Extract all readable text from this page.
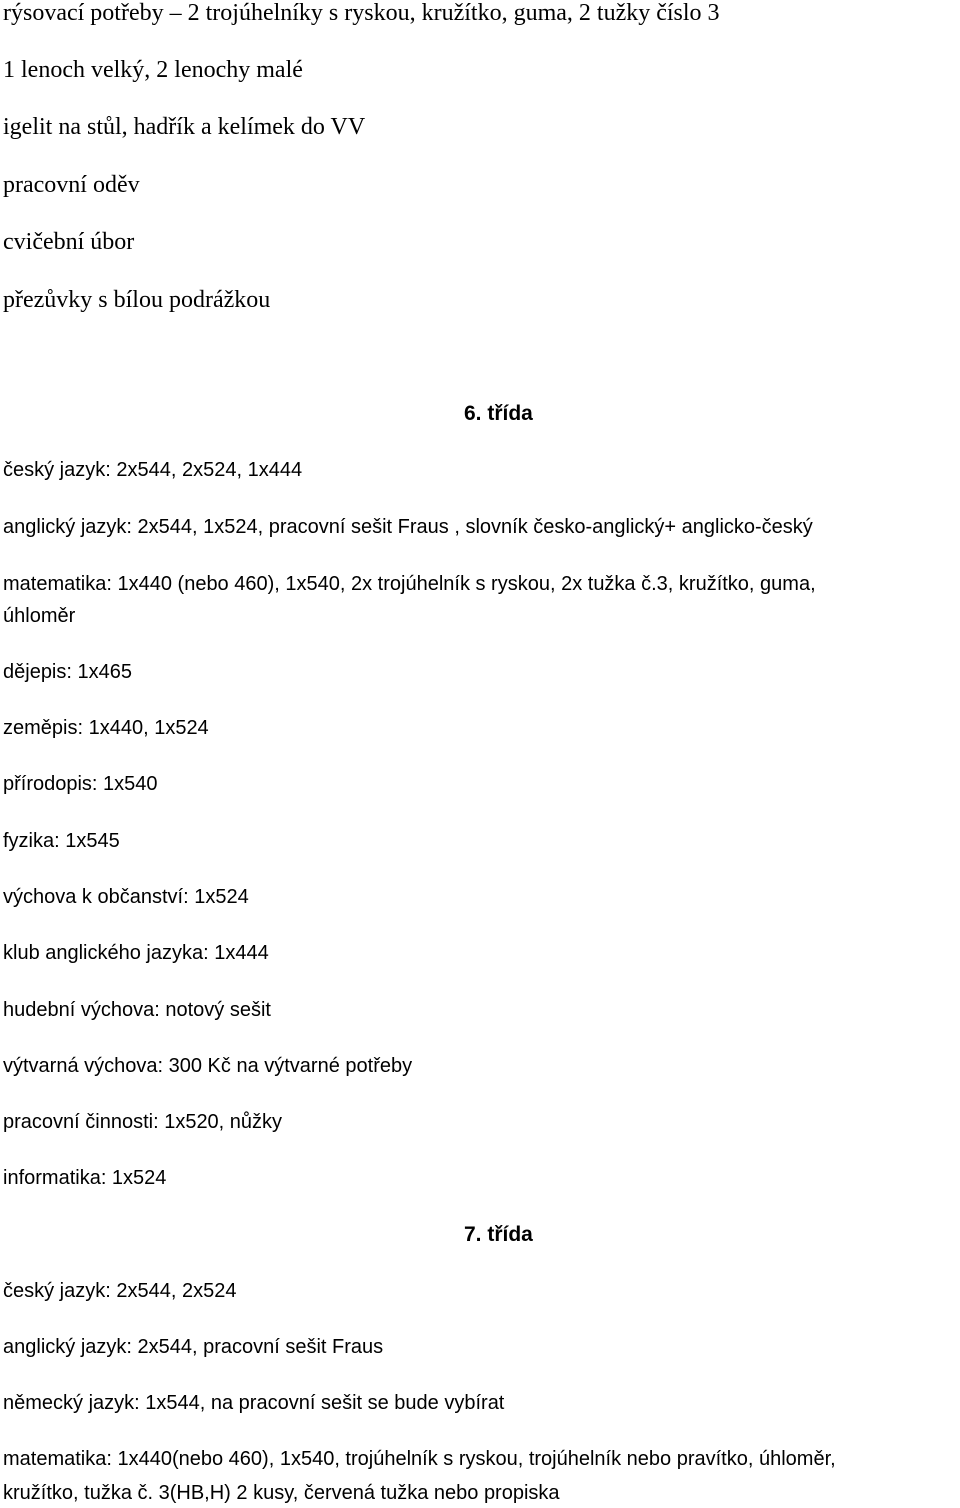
rýsovací potřeby – 2 trojúhelníky s ryskou, kružítko, guma, 2 tužky číslo 3
1 lenoch velký, 2 lenochy malé
igelit na stůl, hadřík a kelímek do VV
pracovní oděv
cvičební úbor
přezůvky s bílou podrážkou
6. třída
český jazyk: 2x544, 2x524, 1x444
anglický jazyk: 2x544, 1x524, pracovní sešit Fraus , slovník česko-anglický+ anglicko-český
matematika: 1x440 (nebo 460), 1x540, 2x trojúhelník s ryskou, 2x tužka č.3, kružítko, guma,
úhloměr
dějepis: 1x465
zeměpis: 1x440, 1x524
přírodopis: 1x540
fyzika: 1x545
výchova k občanství: 1x524
klub anglického jazyka: 1x444
hudební výchova: notový sešit
výtvarná výchova: 300 Kč na výtvarné potřeby
pracovní činnosti: 1x520, nůžky
informatika: 1x524
7. třída
český jazyk: 2x544, 2x524
anglický jazyk: 2x544, pracovní sešit Fraus
německý jazyk: 1x544, na pracovní sešit se bude vybírat
matematika: 1x440(nebo 460), 1x540, trojúhelník s ryskou, trojúhelník nebo pravítko, úhloměr,
kružítko, tužka č. 3(HB,H) 2 kusy, červená tužka nebo propiska
